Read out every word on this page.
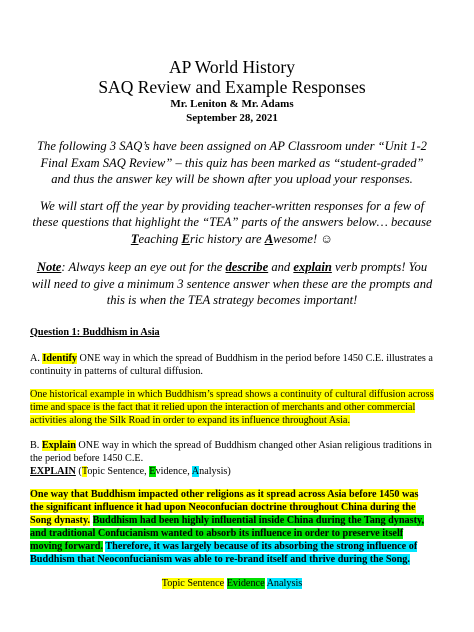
AP World History
SAQ Review and Example Responses
Mr. Leniton & Mr. Adams
September 28, 2021
The following 3 SAQ’s have been assigned on AP Classroom under “Unit 1-2 Final Exam SAQ Review” – this quiz has been marked as “student-graded” and thus the answer key will be shown after you upload your responses.
We will start off the year by providing teacher-written responses for a few of these questions that highlight the “TEA” parts of the answers below… because Teaching Eric history are Awesome! ☺
Note: Always keep an eye out for the describe and explain verb prompts! You will need to give a minimum 3 sentence answer when these are the prompts and this is when the TEA strategy becomes important!
Question 1: Buddhism in Asia
A. Identify ONE way in which the spread of Buddhism in the period before 1450 C.E. illustrates a continuity in patterns of cultural diffusion.
One historical example in which Buddhism’s spread shows a continuity of cultural diffusion across time and space is the fact that it relied upon the interaction of merchants and other commercial activities along the Silk Road in order to expand its influence throughout Asia.
B. Explain ONE way in which the spread of Buddhism changed other Asian religious traditions in the period before 1450 C.E.
EXPLAIN (Topic Sentence, Evidence, Analysis)
One way that Buddhism impacted other religions as it spread across Asia before 1450 was the significant influence it had upon Neoconfucian doctrine throughout China during the Song dynasty. Buddhism had been highly influential inside China during the Tang dynasty, and traditional Confucianism wanted to absorb its influence in order to preserve itself moving forward. Therefore, it was largely because of its absorbing the strong influence of Buddhism that Neoconfucianism was able to re-brand itself and thrive during the Song.
Topic Sentence Evidence Analysis
